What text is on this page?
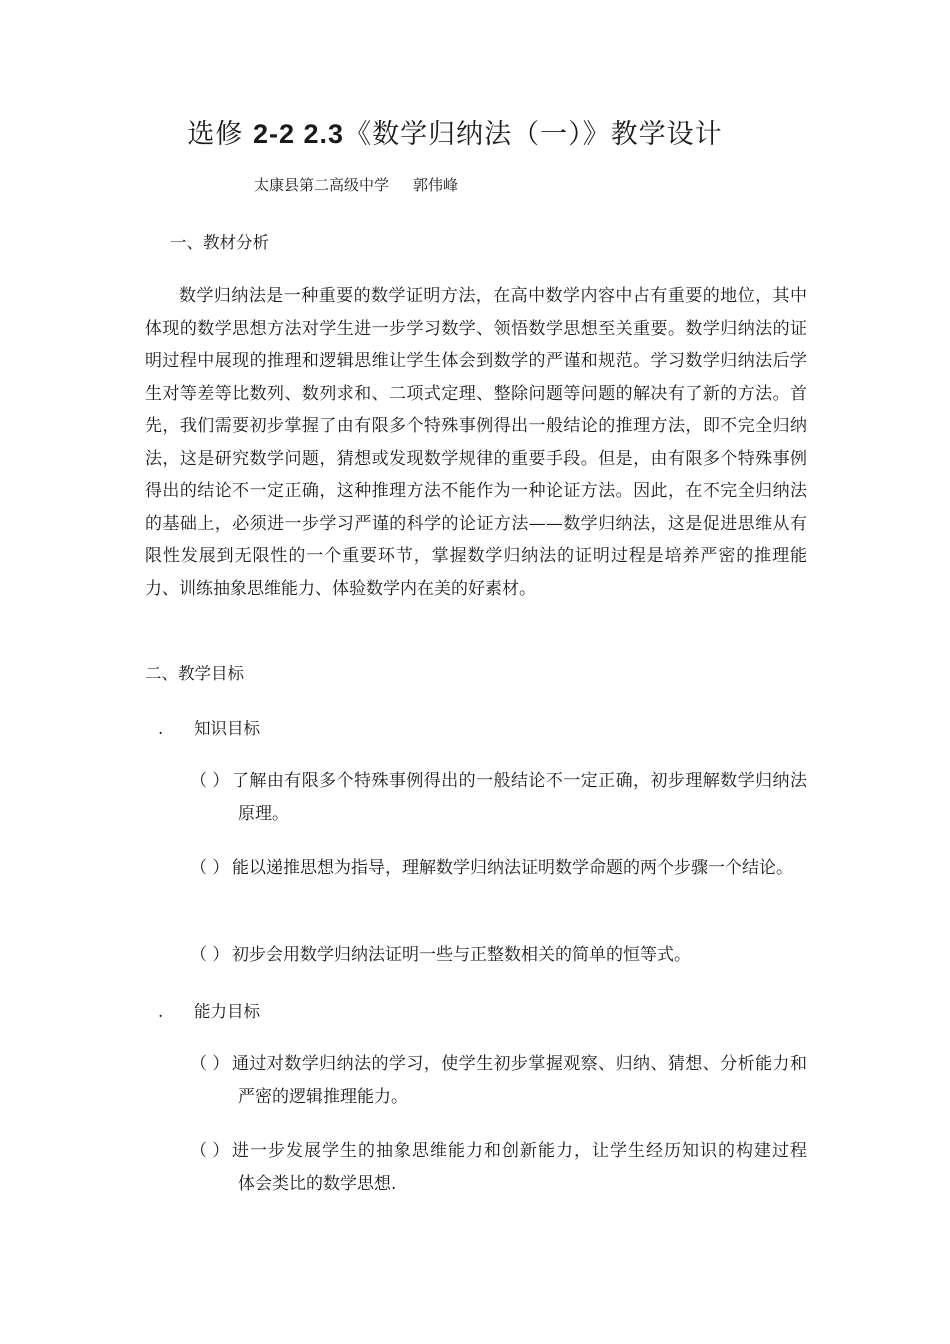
选修 2-2 2.3《数学归纳法（一）》教学设计
太康县第二高级中学 郭伟峰
一、教材分析
数学归纳法是一种重要的数学证明方法，在高中数学内容中占有重要的地位，其中体现的数学思想方法对学生进一步学习数学、领悟数学思想至关重要。数学归纳法的证明过程中展现的推理和逻辑思维让学生体会到数学的严谨和规范。学习数学归纳法后学生对等差等比数列、数列求和、二项式定理、整除问题等问题的解决有了新的方法。首先，我们需要初步掌握了由有限多个特殊事例得出一般结论的推理方法，即不完全归纳法，这是研究数学问题，猜想或发现数学规律的重要手段。但是，由有限多个特殊事例得出的结论不一定正确，这种推理方法不能作为一种论证方法。因此，在不完全归纳法的基础上，必须进一步学习严谨的科学的论证方法——数学归纳法，这是促进思维从有限性发展到无限性的一个重要环节，掌握数学归纳法的证明过程是培养严密的推理能力、训练抽象思维能力、体验数学内在美的好素材。
二、教学目标
. 知识目标
（ ） 了解由有限多个特殊事例得出的一般结论不一定正确，初步理解数学归纳法原理。
（ ） 能以递推思想为指导，理解数学归纳法证明数学命题的两个步骤一个结论。
（ ） 初步会用数学归纳法证明一些与正整数相关的简单的恒等式。
. 能力目标
（ ） 通过对数学归纳法的学习，使学生初步掌握观察、归纳、猜想、分析能力和严密的逻辑推理能力。
（ ） 进一步发展学生的抽象思维能力和创新能力，让学生经历知识的构建过程　体会类比的数学思想.
